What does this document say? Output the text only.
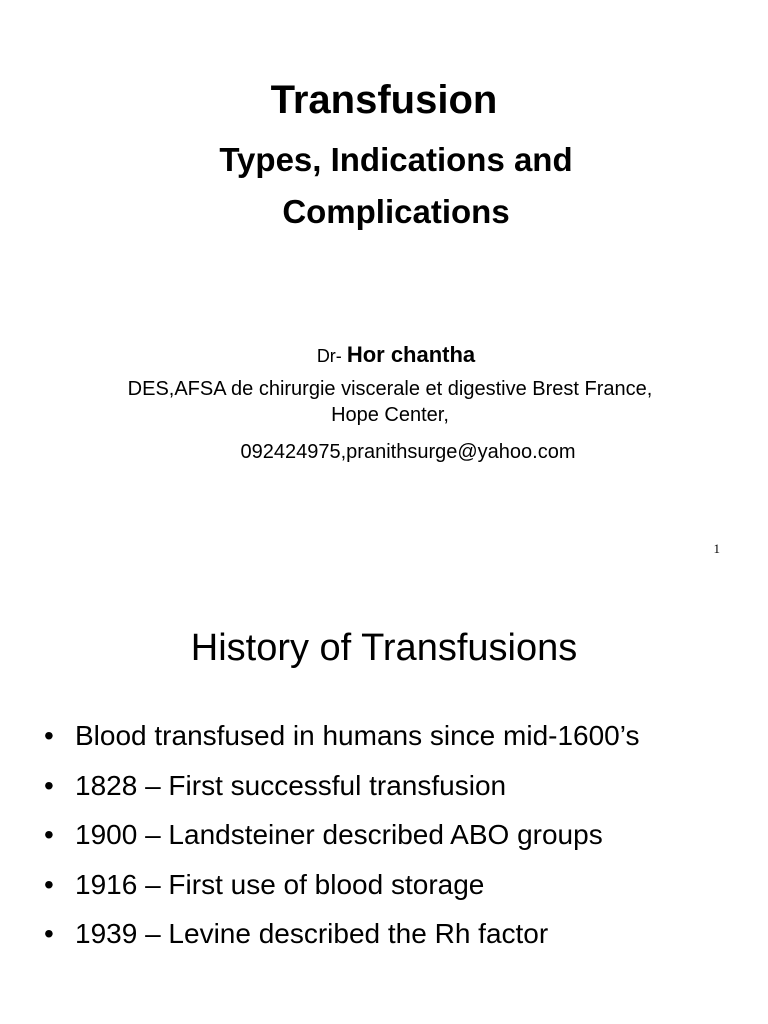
Transfusion
Types, Indications and
Complications
Dr- Hor chantha
DES,AFSA de chirurgie viscerale et digestive Brest France,
Hope Center,
092424975,pranithsurge@yahoo.com
1
History of Transfusions
• Blood transfused in humans since mid-1600’s
• 1828 – First successful transfusion
• 1900 – Landsteiner described ABO groups
• 1916 – First use of blood storage
• 1939 – Levine described the Rh factor
